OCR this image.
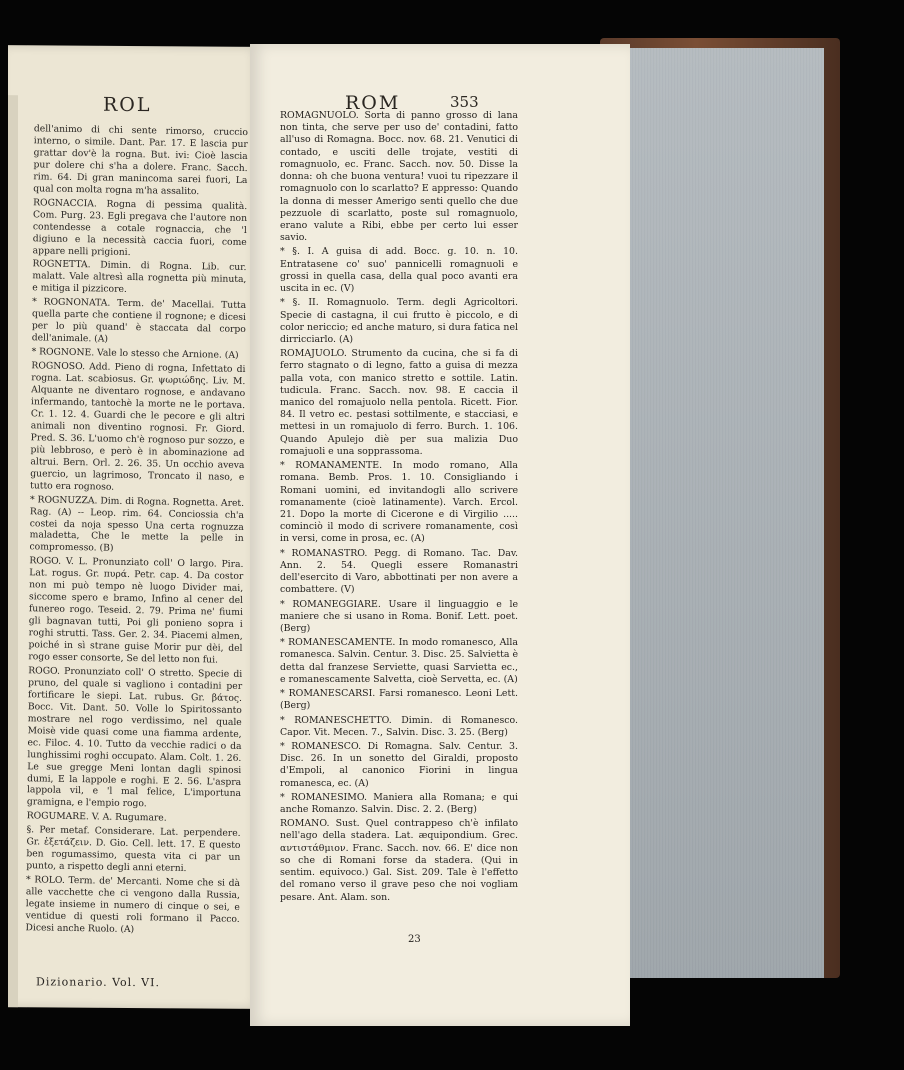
ROL

dell'animo di chi sente rimorso, cruccio interno, o simile. Dant. Par. 17. E lascia pur grattar dov'è la rogna. But. ivi: Cioè lascia pur dolere chi s'ha a dolere. Franc. Sacch. rim. 64. Di gran manincoma sarei fuori, La qual con molta rogna m'ha assalito.

ROGNACCIA. Rogna di pessima qualità. Com. Purg. 23. Egli pregava che l'autore non contendesse a cotale rognaccia, che 'l digiuno e la necessità caccia fuori, come appare nelli prigioni.

ROGNETTA. Dimin. di Rogna. Lib. cur. malatt. Vale altresì alla rognetta più minuta, e mitiga il pizzicore.

* ROGNONATA. Term. de' Macellai. Tutta quella parte che contiene il rognone; e dicesi per lo più quand' è staccata dal corpo dell'animale. (A)

* ROGNONE. Vale lo stesso che Arnione. (A)

ROGNOSO. Add. Pieno di rogna, Infettato di rogna. Lat. scabiosus. Gr. ψωριώδης. Liv. M. Alquante ne diventaro rognose, e andavano infermando, tantochè la morte ne le portava. Cr. 1. 12. 4. Guardi che le pecore e gli altri animali non diventino rognosi. Fr. Giord. Pred. S. 36. L'uomo ch'è rognoso pur sozzo, e più lebbroso, e però è in abominazione ad altrui. Bern. Orl. 2. 26. 35. Un occhio aveva guercio, un lagrimoso, Troncato il naso, e tutto era rognoso.

* ROGNUZZA. Dim. di Rogna. Rognetta. Aret. Rag. (A) -- Leop. rim. 64. Conciossia ch'a costei da noja spesso Una certa rognuzza maladetta, Che le mette la pelle in compromesso. (B)

ROGO. V. L. Pronunziato coll' O largo. Pira. Lat. rogus. Gr. πυρά. Petr. cap. 4. Da costor non mi può tempo nè luogo Divider mai, siccome spero e bramo, Infino al cener del funereo rogo. Teseid. 2. 79. Prima ne' fiumi gli bagnavan tutti, Poi gli ponieno sopra i roghi strutti. Tass. Ger. 2. 34. Piacemi almen, poiché in sì strane guise Morir pur dèi, del rogo esser consorte, Se del letto non fui.

ROGO. Pronunziato coll' O stretto. Specie di pruno, del quale si vagliono i contadini per fortificare le siepi. Lat. rubus. Gr. βάτος. Bocc. Vit. Dant. 50. Volle lo Spiritossanto mostrare nel rogo verdissimo, nel quale Moisè vide quasi come una fiamma ardente, ec. Filoc. 4. 10. Tutto da vecchie radici o da lunghissimi roghi occupato. Alam. Colt. 1. 26. Le sue gregge Meni lontan dagli spinosi dumi, E la lappole e roghi. E 2. 56. L'aspra lappola vil, e 'l mal felice, L'importuna gramigna, e l'empio rogo.

ROGUMARE. V. A. Rugumare.

§. Per metaf. Considerare. Lat. perpendere. Gr. ἐξετάζειν. D. Gio. Cell. lett. 17. E questo ben rogumassimo, questa vita ci par un punto, a rispetto degli anni eterni.

* ROLO. Term. de' Mercanti. Nome che si dà alle vacchette che ci vengono dalla Russia, legate insieme in numero di cinque o sei, e ventidue di questi roli formano il Pacco. Dicesi anche Ruolo. (A)

Dizionario. Vol. VI.
ROM	353

ROMAGNUOLO. Sorta di panno grosso di lana non tinta, che serve per uso de' contadini, fatto all'uso di Romagna. Bocc. nov. 68. 21. Venutici di contado, e usciti delle trojate, vestiti di romagnuolo, ec. Franc. Sacch. nov. 50. Disse la donna: oh che buona ventura! vuoi tu ripezzare il romagnuolo con lo scarlatto? E appresso: Quando la donna di messer Amerigo senti quello che due pezzuole di scarlatto, poste sul romagnuolo, erano valute a Ribi, ebbe per certo lui esser savio.

* §. I. A guisa di add. Bocc. g. 10. n. 10. Entratasene co' suo' pannicelli romagnuoli e grossi in quella casa, della qual poco avanti era uscita in ec. (V)

* §. II. Romagnuolo. Term. degli Agricoltori. Specie di castagna, il cui frutto è piccolo, e di color nericcio; ed anche maturo, si dura fatica nel dirricciarlo. (A)

ROMAJUOLO. Strumento da cucina, che si fa di ferro stagnato o di legno, fatto a guisa di mezza palla vota, con manico stretto e sottile. Latin. tudicula. Franc. Sacch. nov. 98. E caccia il manico del romajuolo nella pentola. Ricett. Fior. 84. Il vetro ec. pestasi sottilmente, e stacciasi, e mettesi in un romajuolo di ferro. Burch. 1. 106. Quando Apulejo diè per sua malizia Duo romajuoli e una sopprassoma.

* ROMANAMENTE. In modo romano, Alla romana. Bemb. Pros. 1. 10. Consigliando i Romani uomini, ed invitandogli allo scrivere romanamente (cioè latinamente). Varch. Ercol. 21. Dopo la morte di Cicerone e di Virgilio ..... cominciò il modo di scrivere romanamente, così in versi, come in prosa, ec. (A)

* ROMANASTRO. Pegg. di Romano. Tac. Dav. Ann. 2. 54. Quegli essere Romanastri dell'esercito di Varo, abbottinati per non avere a combattere. (V)

* ROMANEGGIARE. Usare il linguaggio e le maniere che si usano in Roma. Bonif. Lett. poet. (Berg)

* ROMANESCAMENTE. In modo romanesco, Alla romanesca. Salvin. Centur. 3. Disc. 25. Salvietta è detta dal franzese Serviette, quasi Sarvietta ec., e romanescamente Salvetta, cioè Servetta, ec. (A)

* ROMANESCARSI. Farsi romanesco. Leoni Lett. (Berg)

* ROMANESCHETTO. Dimin. di Romanesco. Capor. Vit. Mecen. 7., Salvin. Disc. 3. 25. (Berg)

* ROMANESCO. Di Romagna. Salv. Centur. 3. Disc. 26. In un sonetto del Giraldi, proposto d'Empoli, al canonico Fiorini in lingua romanesca, ec. (A)

* ROMANESIMO. Maniera alla Romana; e qui anche Romanzo. Salvin. Disc. 2. 2. (Berg)

ROMANO. Sust. Quel contrappeso ch'è infilato nell'ago della stadera. Lat. æquipondium. Grec. αντιστάθμιον. Franc. Sacch. nov. 66. E' dice non so che di Romani forse da stadera. (Qui in sentim. equivoco.) Gal. Sist. 209. Tale è l'effetto del romano verso il grave peso che noi vogliam pesare. Ant. Alam. son.

23
